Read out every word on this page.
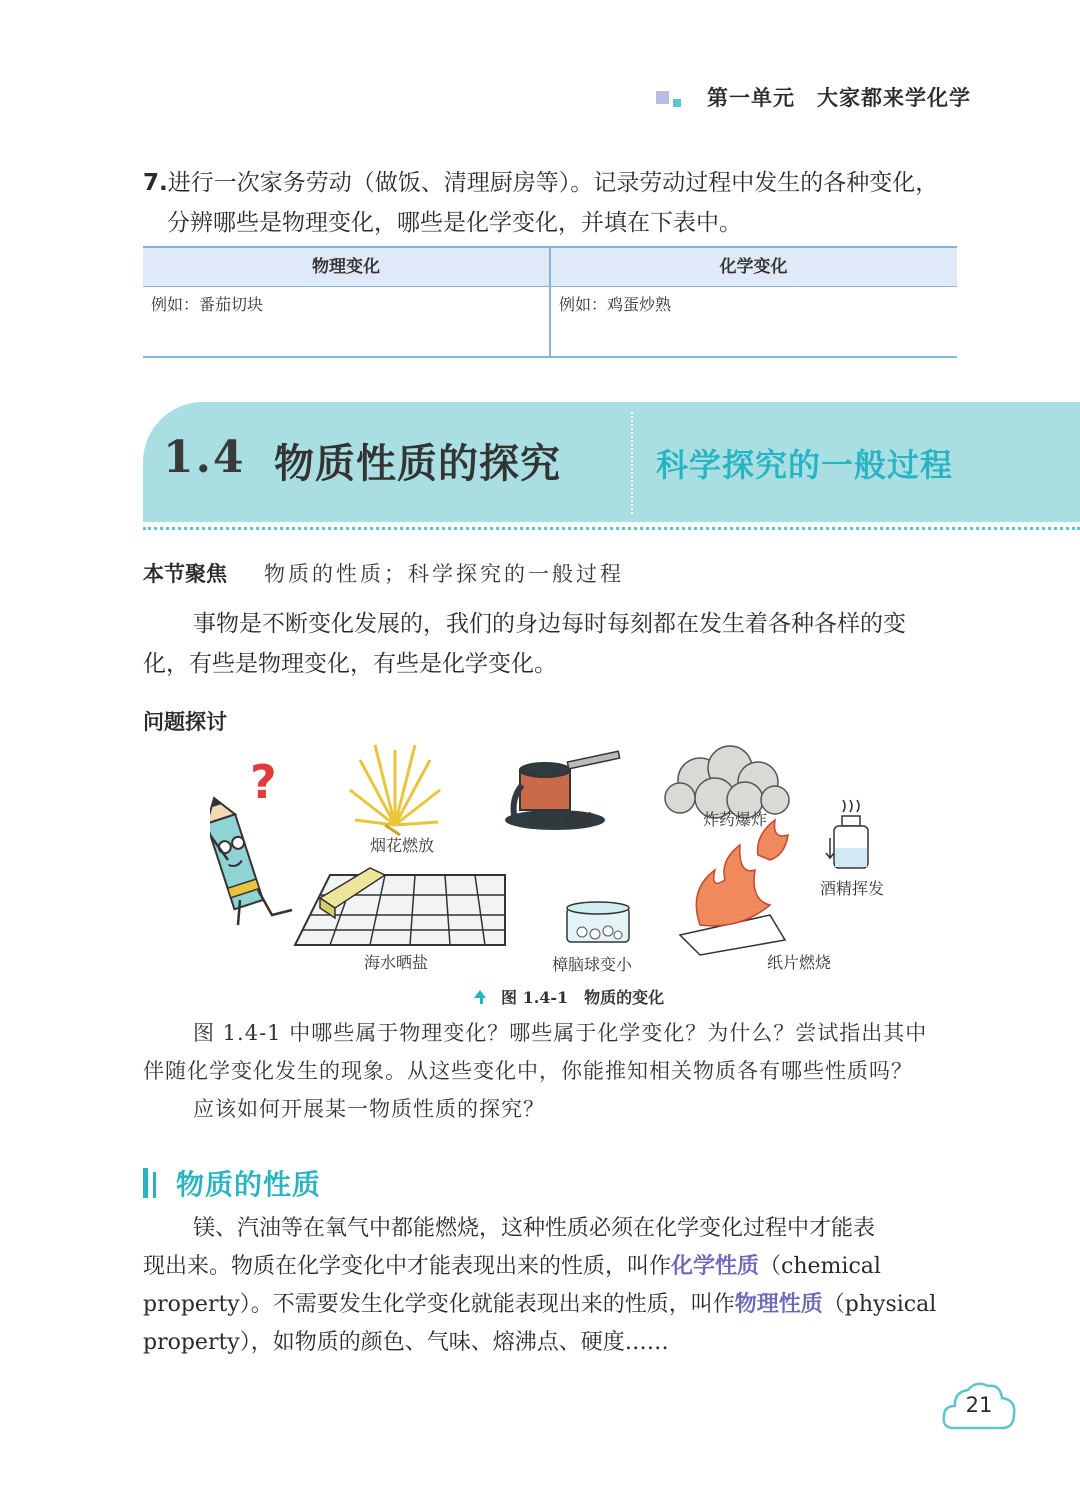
第一单元　大家都来学化学
7.进行一次家务劳动（做饭、清理厨房等）。记录劳动过程中发生的各种变化，
分辨哪些是物理变化，哪些是化学变化，并填在下表中。
物理变化	化学变化
例如：番茄切块	例如：鸡蛋炒熟
1.4 物质性质的探究	科学探究的一般过程
本节聚焦 物质的性质；科学探究的一般过程
事物是不断变化发展的，我们的身边每时每刻都在发生着各种各样的变
化，有些是物理变化，有些是化学变化。
问题探讨
?
烟花燃放
沥青凝固	炸药爆炸
酒精挥发
海水晒盐	樟脑球变小	纸片燃烧
图 1.4-1　物质的变化
图 1.4-1 中哪些属于物理变化？哪些属于化学变化？为什么？尝试指出其中
伴随化学变化发生的现象。从这些变化中，你能推知相关物质各有哪些性质吗？
应该如何开展某一物质性质的探究？
物质的性质
镁、汽油等在氧气中都能燃烧，这种性质必须在化学变化过程中才能表
现出来。物质在化学变化中才能表现出来的性质，叫作化学性质（chemical
property）。不需要发生化学变化就能表现出来的性质，叫作物理性质（physical
property），如物质的颜色、气味、熔沸点、硬度……
21
